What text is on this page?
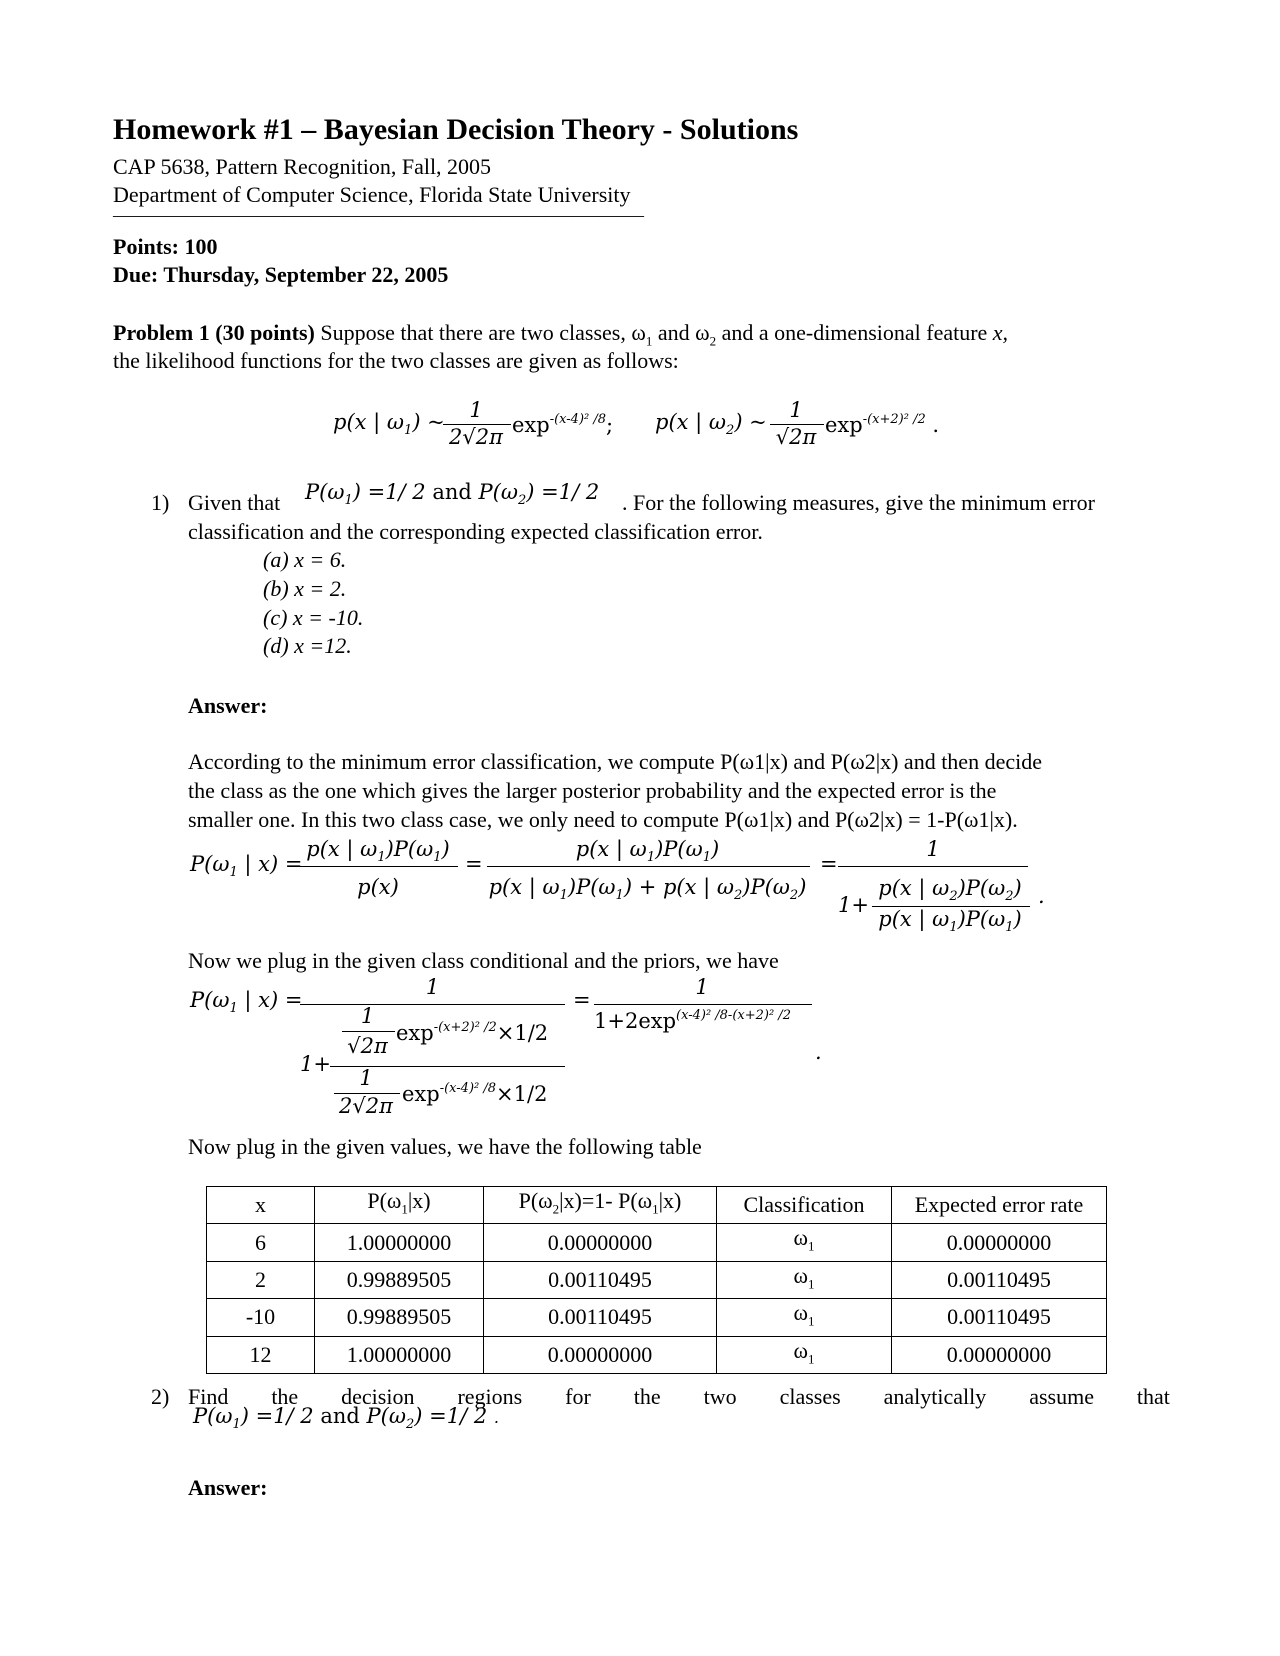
Homework #1 – Bayesian Decision Theory - Solutions
CAP 5638, Pattern Recognition, Fall, 2005
Department of Computer Science, Florida State University
–––––––––––––––––––––––––––––––––––––––––––––––––––––––––––
Points: 100
Due: Thursday, September 22, 2005
Problem 1 (30 points) Suppose that there are two classes, $\omega_1$ and $\omega_2$ and a one-dimensional feature x,
the likelihood functions for the two classes are given as follows:
p(x | $\omega_1$) ~	1
2√2π $\exp^{-(x-4)^2 /8}$; p(x | $\omega_2$) ~	1
√2π $\exp^{-(x+2)^2 /2}$ .
1) Given that $P(\omega_1) =1/$ 2 and $P(\omega_2) =1/$ 2 . For the following measures, give the minimum error
classification and the corresponding expected classification error.
(a) x = 6.
(b) x = 2.
(c) x = -10.
(d) x =12.
Answer:
According to the minimum error classification, we compute P(ω1|x) and P(ω2|x) and then decide
the class as the one which gives the larger posterior probability and the expected error is the
smaller one. In this two class case, we only need to compute P(ω1|x) and P(ω2|x) = 1-P(ω1|x).
$P(\omega_1$ | x) =
p(x | $\omega_1)P(\omega_1)$
p(x)
=
p(x | $\omega_1)P(\omega_1)$
p(x | $\omega_1)P(\omega_1) + p(x$ | $\omega_2)P(\omega_2)$
=
1
1+
p(x | $\omega_2)P(\omega_2)$
p(x | $\omega_1)P(\omega_1)$
.
Now we plug in the given class conditional and the priors, we have
$P(\omega_1$ | x) =
1
1
√2π
$\exp^{-(x+2)^2 /2}\times 1/2$
1+
1
2√2π $\exp^{-(x-4)^2 /8}\times 1/2$
=
1
$1+2\exp^{(x-4)^2 /8-(x+2)^2 /2}$
.
Now plug in the given values, we have the following table
x	$P(\omega_1|x)$	$P(\omega_2|x)=1-$ $P(\omega_1|x)$	Classification	Expected error rate
6	1.00000000	0.00000000	$\omega_1$	0.00000000
2	0.99889505	0.00110495	$\omega_1$	0.00110495
-10	0.99889505	0.00110495	$\omega_1$	0.00110495
12	1.00000000	0.00000000	$\omega_1$	0.00000000
2) Find the decision regions for the two classes analytically assume that
$P(\omega_1) =1/$ 2 and $P(\omega_2) =1/$ 2 .
Answer:
